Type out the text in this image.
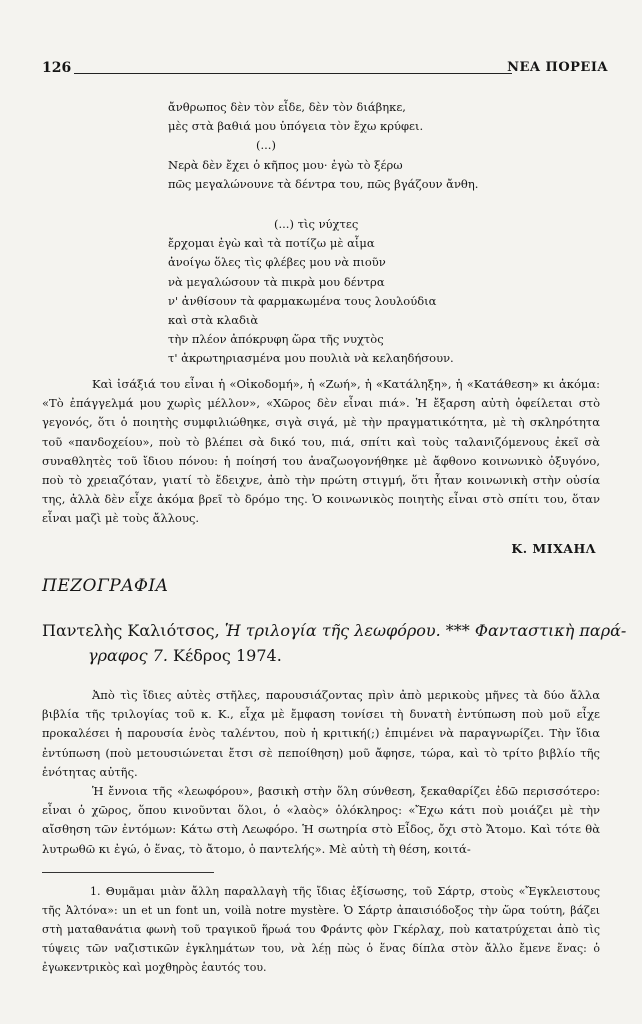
126	ΝΕΑ ΠΟΡΕΙΑ
ἄνθρωπος δὲν τὸν εἶδε, δὲν τὸν διάβηκε,
μὲς στὰ βαθιά μου ὑπόγεια τὸν ἔχω κρύφει.
(...)
Νερὰ δὲν ἔχει ὁ κῆπος μου· ἐγὼ τὸ ξέρω
πῶς μεγαλώνουνε τὰ δέντρα του, πῶς βγάζουν ἄνθη.
(...) τὶς νύχτες
ἔρχομαι ἐγὼ καὶ τὰ ποτίζω μὲ αἷμα
ἀνοίγω ὅλες τὶς φλέβες μου νὰ πιοῦν
νὰ μεγαλώσουν τὰ πικρὰ μου δέντρα
ν' ἀνθίσουν τὰ φαρμακωμένα τους λουλούδια
καὶ στὰ κλαδιὰ
τὴν πλέον ἀπόκρυφη ὥρα τῆς νυχτὸς
τ' ἀκρωτηριασμένα μου πουλιὰ νὰ κελαηδήσουν.

Καὶ ἰσάξιά του εἶναι ἡ «Οἰκοδομή», ἡ «Ζωή», ἡ «Κατάληξη», ἡ «Κατάθεση» κι ἀκόμα: «Τὸ ἐπάγγελμά μου χωρὶς μέλλον», «Χῶρος δὲν εἶναι πιά». Ἡ ἔξαρση αὐτὴ ὀφείλεται στὸ γεγονός, ὅτι ὁ ποιητὴς συμφιλιώθηκε, σιγὰ σιγά, μὲ τὴν πραγματικότητα, μὲ τὴ σκληρότητα τοῦ «πανδοχείου», ποὺ τὸ βλέπει σὰ δικό του, πιά, σπίτι καὶ τοὺς ταλανιζόμενους ἐκεῖ σὰ συναθλητὲς τοῦ ἴδιου πόνου: ἡ ποίησή του ἀναζωογονήθηκε μὲ ἄφθονο κοινωνικὸ ὀξυγόνο, ποὺ τὸ χρειαζόταν, γιατί τὸ ἔδειχνε, ἀπὸ τὴν πρώτη στιγμή, ὅτι ἦταν κοινωνικὴ στὴν οὐσία της, ἀλλὰ δὲν εἶχε ἀκόμα βρεῖ τὸ δρόμο της. Ὁ κοινωνικὸς ποιητὴς εἶναι στὸ σπίτι του, ὅταν εἶναι μαζὶ μὲ τοὺς ἄλλους.

Κ. ΜΙΧΑΗΛ
ΠΕΖΟΓΡΑΦΙΑ
Παντελὴς Καλιότσος, Ἡ τριλογία τῆς λεωφόρου. *** Φανταστικὴ παρά-
γραφος 7. Κέδρος 1974.

Ἀπὸ τὶς ἴδιες αὐτὲς στῆλες, παρουσιάζοντας πρὶν ἀπὸ μερικοὺς μῆνες τὰ δύο ἄλλα βιβλία τῆς τριλογίας τοῦ κ. Κ., εἶχα μὲ ἔμφαση τονίσει τὴ δυνατὴ ἐντύπωση ποὺ μοῦ εἶχε προκαλέσει ἡ παρουσία ἑνὸς ταλέντου, ποὺ ἡ κριτική(;) ἐπιμένει νὰ παραγνωρίζει. Τὴν ἴδια ἐντύπωση (ποὺ μετουσιώνεται ἔτσι σὲ πεποίθηση) μοῦ ἄφησε, τώρα, καὶ τὸ τρίτο βιβλίο τῆς ἑνότητας αὐτῆς.

Ἡ ἔννοια τῆς «λεωφόρου», βασικὴ στὴν ὅλη σύνθεση, ξεκαθαρίζει ἐδῶ περισσότερο: εἶναι ὁ χῶρος, ὅπου κινοῦνται ὅλοι, ὁ «λαὸς» ὁλόκληρος: «Ἔχω κάτι ποὺ μοιάζει μὲ τὴν αἴσθηση τῶν ἐντόμων: Κάτω στὴ Λεωφόρο. Ἡ σωτηρία στὸ Εἶδος, ὄχι στὸ Ἄτομο. Καὶ τότε θὰ λυτρωθῶ κι ἐγώ, ὁ ἕνας, τὸ ἄτομο, ὁ παντελής». Μὲ αὐτὴ τὴ θέση, κοιτά-

1. Θυμᾶμαι μιὰν ἄλλη παραλλαγὴ τῆς ἴδιας ἐξίσωσης, τοῦ Σάρτρ, στοὺς «Ἔγκλειστους τῆς Ἀλτόνα»: un et un font un, voilà notre mystère. Ὁ Σάρτρ ἀπαισιόδοξος τὴν ὥρα τούτη, βάζει στὴ ματαθανάτια φωνὴ τοῦ τραγικοῦ ἥρωά του Φράντς φὸν Γκέρλαχ, ποὺ κατατρύχεται ἀπὸ τὶς τύψεις τῶν ναζιστικῶν ἐγκλημάτων του, νὰ λέῃ πὼς ὁ ἕνας δίπλα στὸν ἄλλο ἔμενε ἕνας: ὁ ἐγωκεντρικὸς καὶ μοχθηρὸς ἑαυτός του.
